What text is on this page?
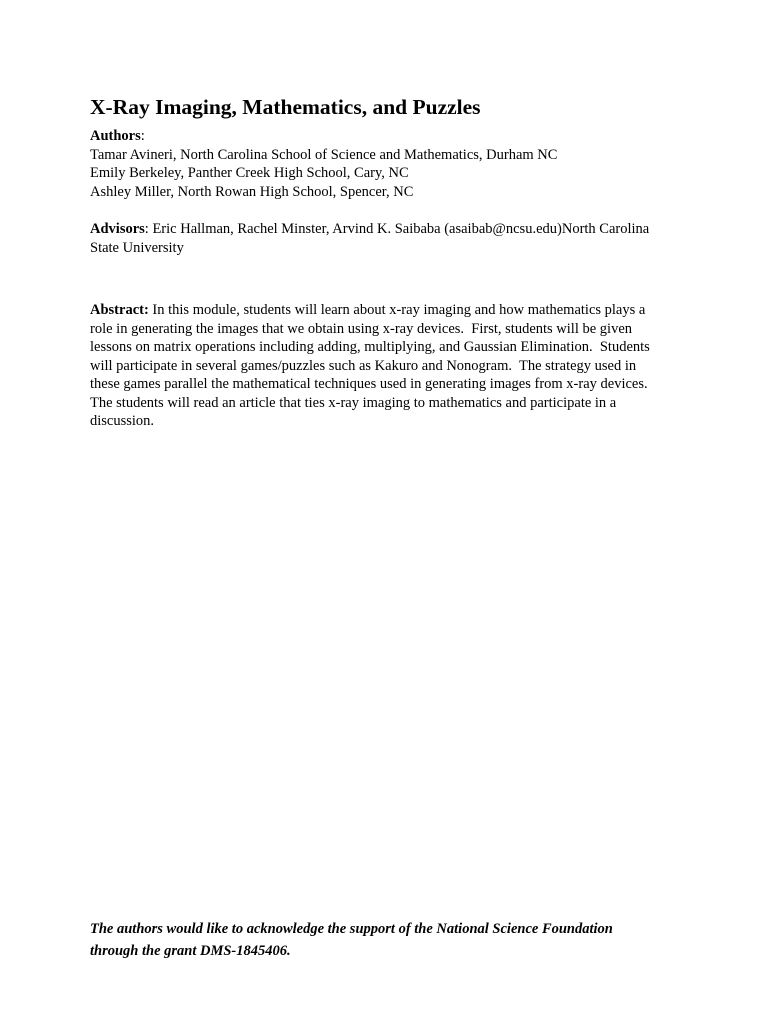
X-Ray Imaging, Mathematics, and Puzzles
Authors:
Tamar Avineri, North Carolina School of Science and Mathematics, Durham NC
Emily Berkeley, Panther Creek High School, Cary, NC
Ashley Miller, North Rowan High School, Spencer, NC
Advisors: Eric Hallman, Rachel Minster, Arvind K. Saibaba (asaibab@ncsu.edu)North Carolina
State University
Abstract: In this module, students will learn about x-ray imaging and how mathematics plays a
role in generating the images that we obtain using x-ray devices.  First, students will be given
lessons on matrix operations including adding, multiplying, and Gaussian Elimination.  Students
will participate in several games/puzzles such as Kakuro and Nonogram.  The strategy used in
these games parallel the mathematical techniques used in generating images from x-ray devices.
The students will read an article that ties x-ray imaging to mathematics and participate in a
discussion.
The authors would like to acknowledge the support of the National Science Foundation
through the grant DMS-1845406.
